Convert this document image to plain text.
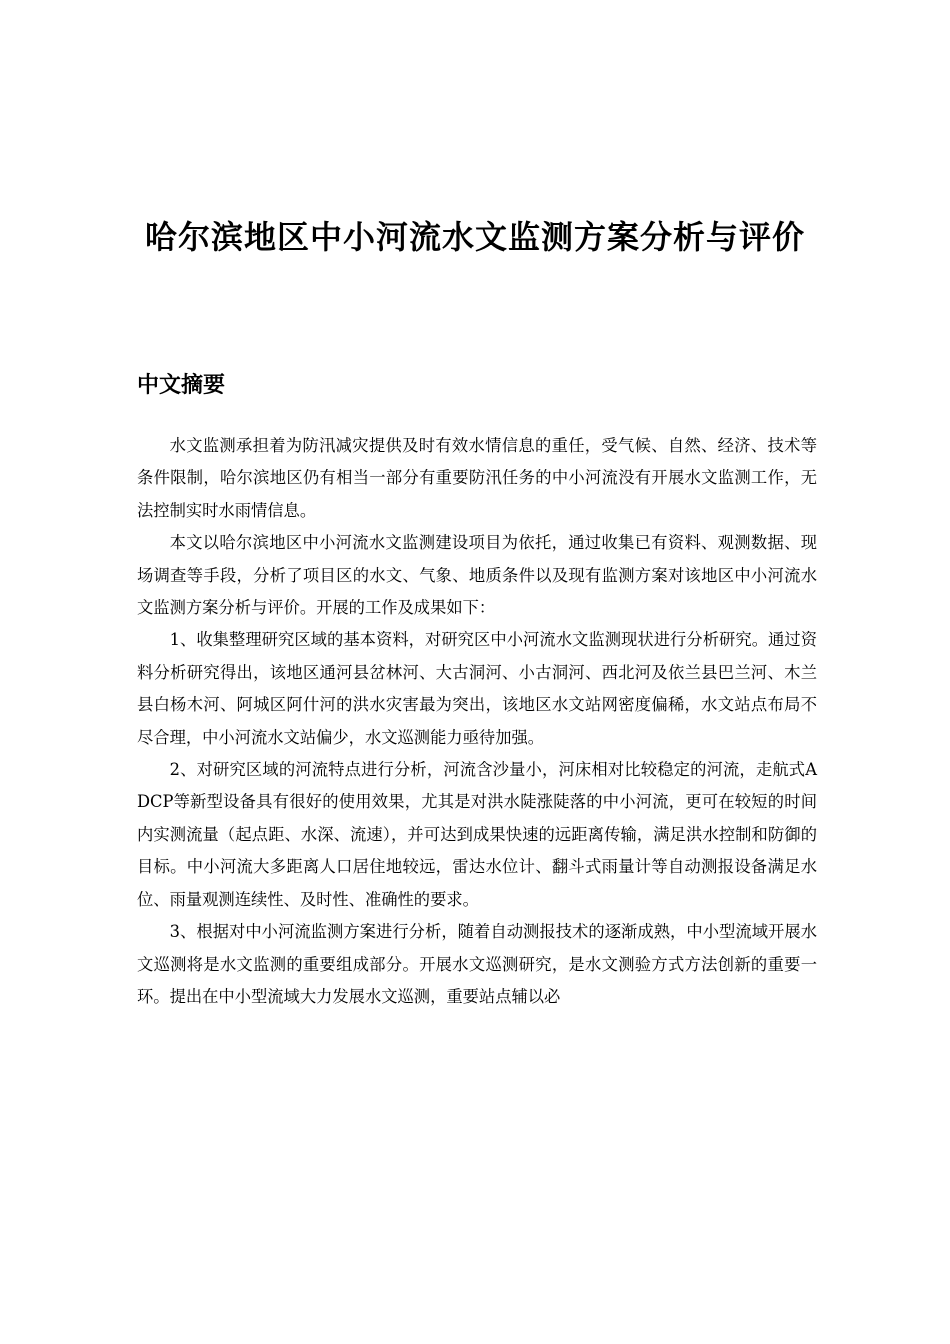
哈尔滨地区中小河流水文监测方案分析与评价
中文摘要

水文监测承担着为防汛减灾提供及时有效水情信息的重任，受气候、自然、经济、技术等条件限制，哈尔滨地区仍有相当一部分有重要防汛任务的中小河流没有开展水文监测工作，无法控制实时水雨情信息。

本文以哈尔滨地区中小河流水文监测建设项目为依托，通过收集已有资料、观测数据、现场调查等手段，分析了项目区的水文、气象、地质条件以及现有监测方案对该地区中小河流水文监测方案分析与评价。开展的工作及成果如下：

1、收集整理研究区域的基本资料，对研究区中小河流水文监测现状进行分析研究。通过资料分析研究得出，该地区通河县岔林河、大古洞河、小古洞河、西北河及依兰县巴兰河、木兰县白杨木河、阿城区阿什河的洪水灾害最为突出，该地区水文站网密度偏稀，水文站点布局不尽合理，中小河流水文站偏少，水文巡测能力亟待加强。

2、对研究区域的河流特点进行分析，河流含沙量小，河床相对比较稳定的河流，走航式ADCP等新型设备具有很好的使用效果，尤其是对洪水陡涨陡落的中小河流，更可在较短的时间内实测流量（起点距、水深、流速），并可达到成果快速的远距离传输，满足洪水控制和防御的目标。中小河流大多距离人口居住地较远，雷达水位计、翻斗式雨量计等自动测报设备满足水位、雨量观测连续性、及时性、准确性的要求。

3、根据对中小河流监测方案进行分析，随着自动测报技术的逐渐成熟，中小型流域开展水文巡测将是水文监测的重要组成部分。开展水文巡测研究，是水文测验方式方法创新的重要一环。提出在中小型流域大力发展水文巡测，重要站点辅以必
